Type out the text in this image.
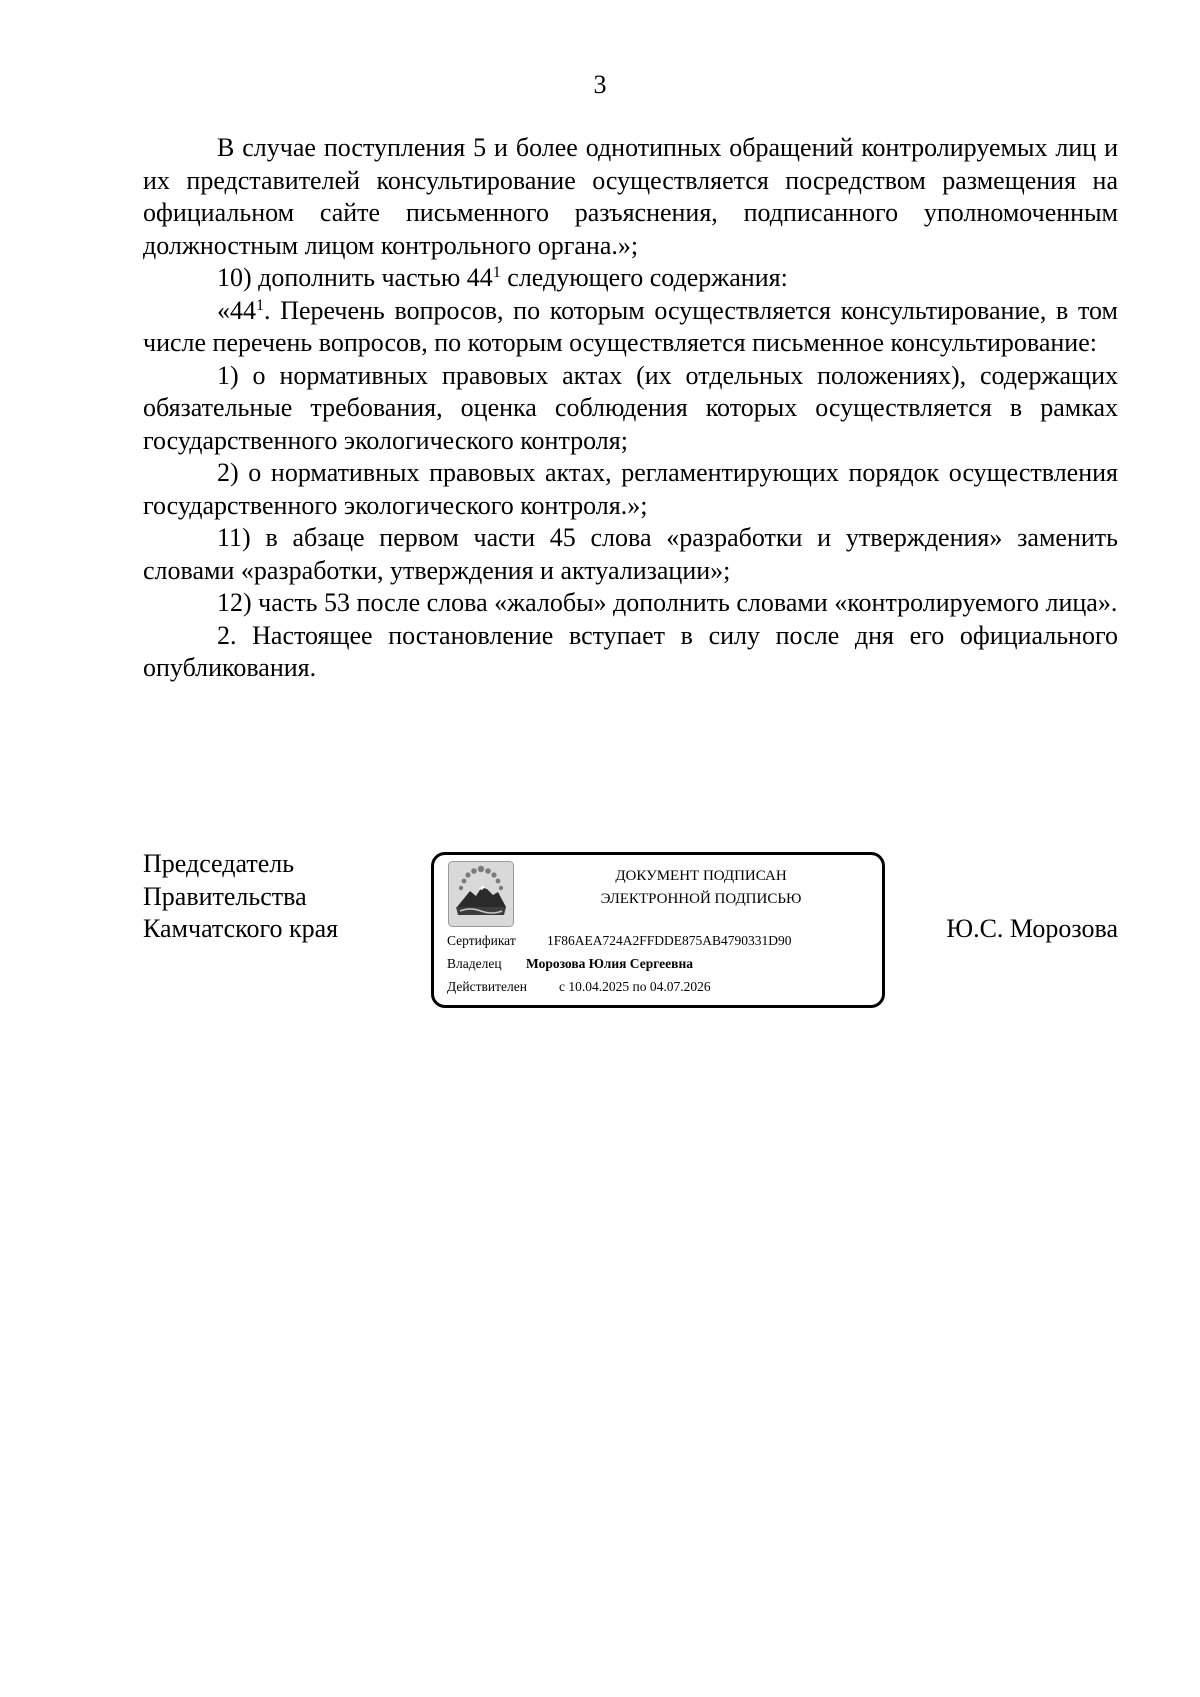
3

В случае поступления 5 и более однотипных обращений контролируемых лиц и их представителей консультирование осуществляется посредством размещения на официальном сайте письменного разъяснения, подписанного уполномоченным должностным лицом контрольного органа.»;

10) дополнить частью $44^1$ следующего содержания:

«$44^1$. Перечень вопросов, по которым осуществляется консультирование, в том числе перечень вопросов, по которым осуществляется письменное консультирование:

1) о нормативных правовых актах (их отдельных положениях), содержащих обязательные требования, оценка соблюдения которых осуществляется в рамках государственного экологического контроля;

2) о нормативных правовых актах, регламентирующих порядок осуществления государственного экологического контроля.»;

11) в абзаце первом части 45 слова «разработки и утверждения» заменить словами «разработки, утверждения и актуализации»;

12) часть 53 после слова «жалобы» дополнить словами «контролируемого лица».

2. Настоящее постановление вступает в силу после дня его официального опубликования.

Председатель
Правительства
Камчатского края
ДОКУМЕНТ ПОДПИСАН
ЭЛЕКТРОННОЙ ПОДПИСЬЮ
Сертификат 1F86AEA724A2FFDDE875AB4790331D90
Владелец Морозова Юлия Сергеевна
Действителен с 10.04.2025 по 04.07.2026
Ю.С. Морозова
